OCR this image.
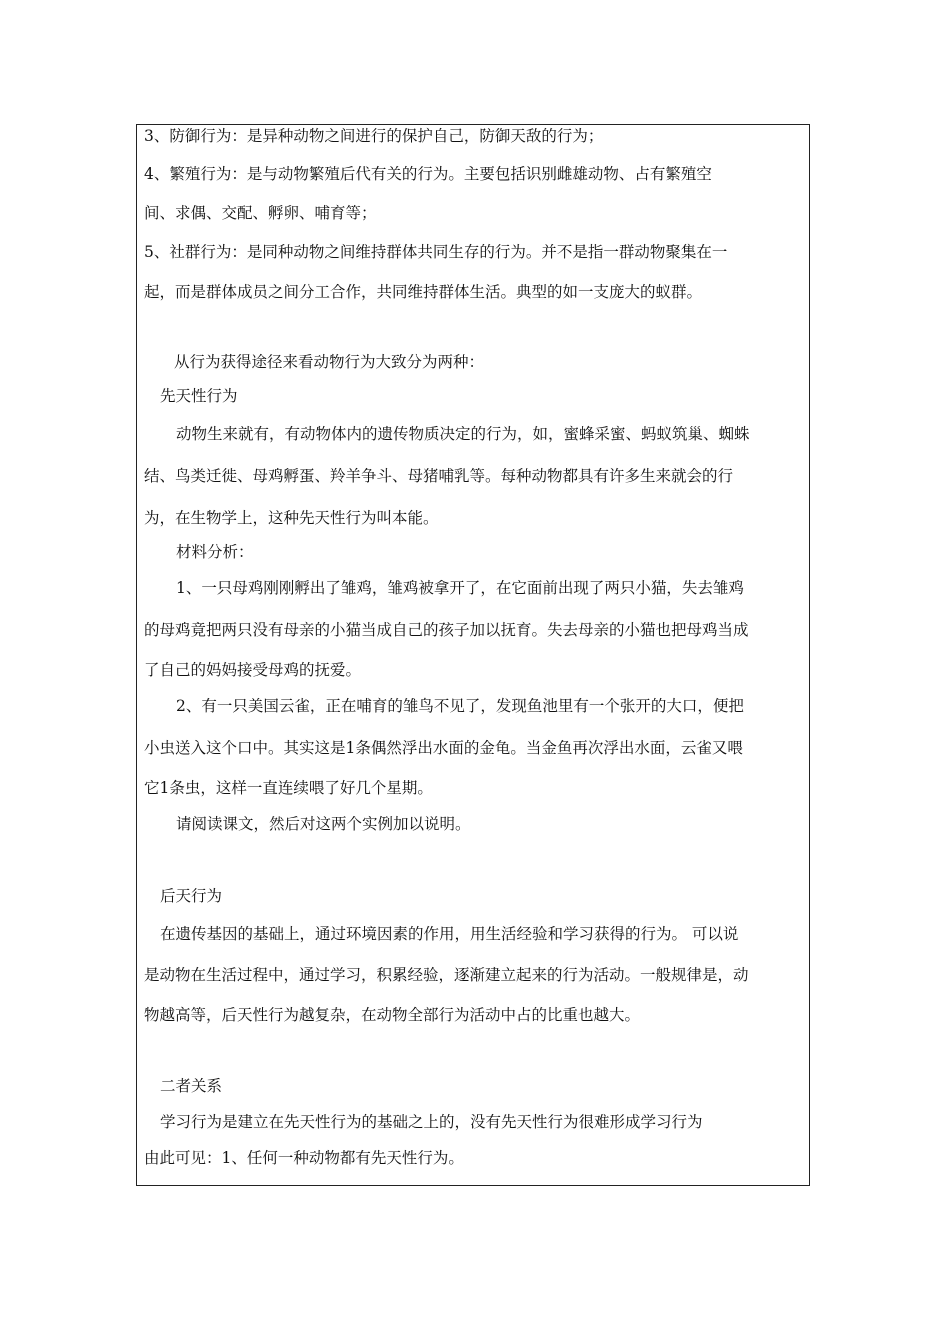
3、防御行为：是异种动物之间进行的保护自己，防御天敌的行为；
4、繁殖行为：是与动物繁殖后代有关的行为。主要包括识别雌雄动物、占有繁殖空
间、求偶、交配、孵卵、哺育等；
5、社群行为：是同种动物之间维持群体共同生存的行为。并不是指一群动物聚集在一
起，而是群体成员之间分工合作，共同维持群体生活。典型的如一支庞大的蚁群。
从行为获得途径来看动物行为大致分为两种：
先天性行为
动物生来就有，有动物体内的遗传物质决定的行为，如，蜜蜂采蜜、蚂蚁筑巢、蜘蛛
结、鸟类迁徙、母鸡孵蛋、羚羊争斗、母猪哺乳等。每种动物都具有许多生来就会的行
为，在生物学上，这种先天性行为叫本能。
材料分析：
1、一只母鸡刚刚孵出了雏鸡，雏鸡被拿开了，在它面前出现了两只小猫，失去雏鸡
的母鸡竟把两只没有母亲的小猫当成自己的孩子加以抚育。失去母亲的小猫也把母鸡当成
了自己的妈妈接受母鸡的抚爱。
2、有一只美国云雀，正在哺育的雏鸟不见了，发现鱼池里有一个张开的大口，便把
小虫送入这个口中。其实这是1条偶然浮出水面的金龟。当金鱼再次浮出水面，云雀又喂
它1条虫，这样一直连续喂了好几个星期。
请阅读课文，然后对这两个实例加以说明。
后天行为
在遗传基因的基础上，通过环境因素的作用，用生活经验和学习获得的行为。 可以说
是动物在生活过程中，通过学习，积累经验，逐渐建立起来的行为活动。一般规律是，动
物越高等，后天性行为越复杂，在动物全部行为活动中占的比重也越大。
二者关系
学习行为是建立在先天性行为的基础之上的，没有先天性行为很难形成学习行为
由此可见：1、任何一种动物都有先天性行为。
